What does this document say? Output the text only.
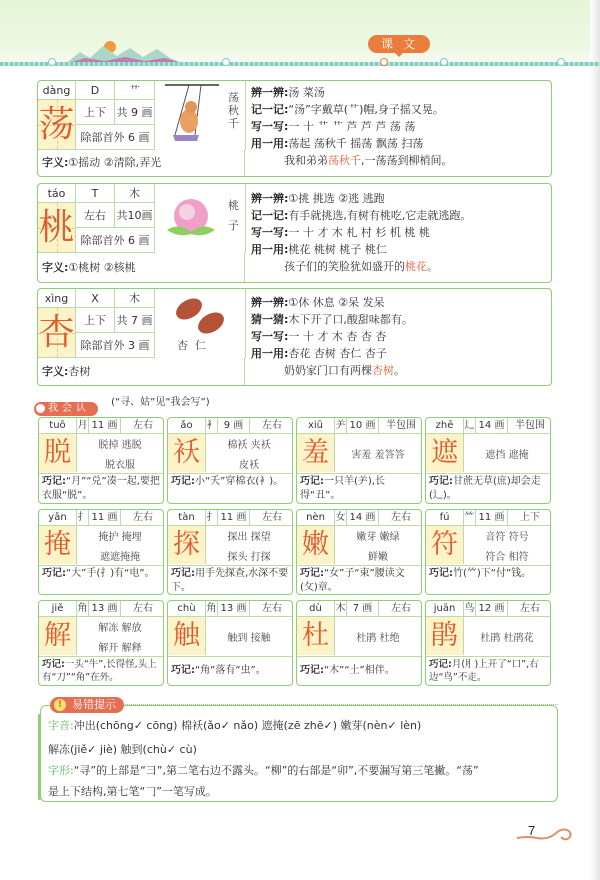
课文
dàng	D	艹
荡 上下 共 9 画
除部首外 6 画
字义:①摇动 ②清除,弄光
荡秋千
辨一辨:汤 菜汤
记一记:“汤”字戴草(艹)帽,身子摇又晃。
写一写:一 十 艹 艹 芦 芦 芦 荡 荡
用一用:荡起 荡秋千 摇荡 飘荡 扫荡
我和弟弟荡秋千,一荡荡到柳梢间。
táo	T	木
桃 左右 共10画
除部首外 6 画
字义:①桃树 ②核桃
桃子
辨一辨:①挑 挑选 ②逃 逃跑
记一记:有手就挑选,有树有桃吃,它走就逃跑。
写一写:一 十 才 木 札 村 杉 机 桃 桃
用一用:桃花 桃树 桃子 桃仁
孩子们的笑脸犹如盛开的桃花。
xìng	X	木
杏 上下 共 7 画
除部首外 3 画
字义:杏树
杏  仁
辨一辨:①休 休息 ②呆 发呆
猜一猜:木下开了口,酸甜味都有。
写一写:一 十 才 木 杏 杏 杏
用一用:杏花 杏树 杏仁 杏子
奶奶家门口有两棵杏树。
我会认 (“寻、姑”见“我会写”)
tuō	月 11 画	左右
脱	脱掉 逃脱
脱衣服
巧记:“月”“兑”凑一起,要把衣服“脱”。
ǎo	衤 9 画	左右
袄	棉袄 夹袄
皮袄
巧记:小“夭”穿棉衣(衤)。
xiū	⺶ 10 画	半包围
羞	害羞 羞答答
巧记:一只羊(⺶),长得“丑”。
zhē	辶 14 画	半包围
遮	遮挡 遮掩
巧记:甘蔗无草(庶)却会走(辶)。
yǎn	扌 11 画	左右
掩	掩护 掩埋
遮遮掩掩
巧记:“大”手(扌)有“电”。
tàn	扌 11 画	左右
探	探出 探望
探头 打探
巧记:用手先探查,水深不要下。
nèn	女 14 画	左右
嫩	嫩芽 嫩绿
鲜嫩
巧记:“女”子“束”腰读文(攵)章。
fú	⺮ 11 画	上下
符	音符 符号
符合 相符
巧记:竹(⺮)下“付”钱。
jiě	角 13 画	左右
解	解冻 解放
解开 解释
巧记:一头“牛”,长得怪,头上有“刀”“角”在外。
chù	角 13 画	左右
触	触到 接触
巧记:“角”落有“虫”。
dù	木 7 画	左右
杜	杜鹃 杜绝
巧记:“木”“土”相伴。
juān 鸟 12 画	左右
鹃	杜鹃 杜鹃花
巧记:月(⺼)上开了“口”,右边“鸟”不走。
! 易错提示
字音:冲出(chōng✓ cōng) 棉袄(ǎo✓ nǎo) 遮掩(zē zhē✓) 嫩芽(nèn✓ lèn)
解冻(jiě✓ jiè) 触到(chù✓ cù)
字形:“寻”的上部是“彐”,第二笔右边不露头。“柳”的右部是“卯”,不要漏写第三笔撇。“荡”
是上下结构,第七笔“𠃌”一笔写成。
7
